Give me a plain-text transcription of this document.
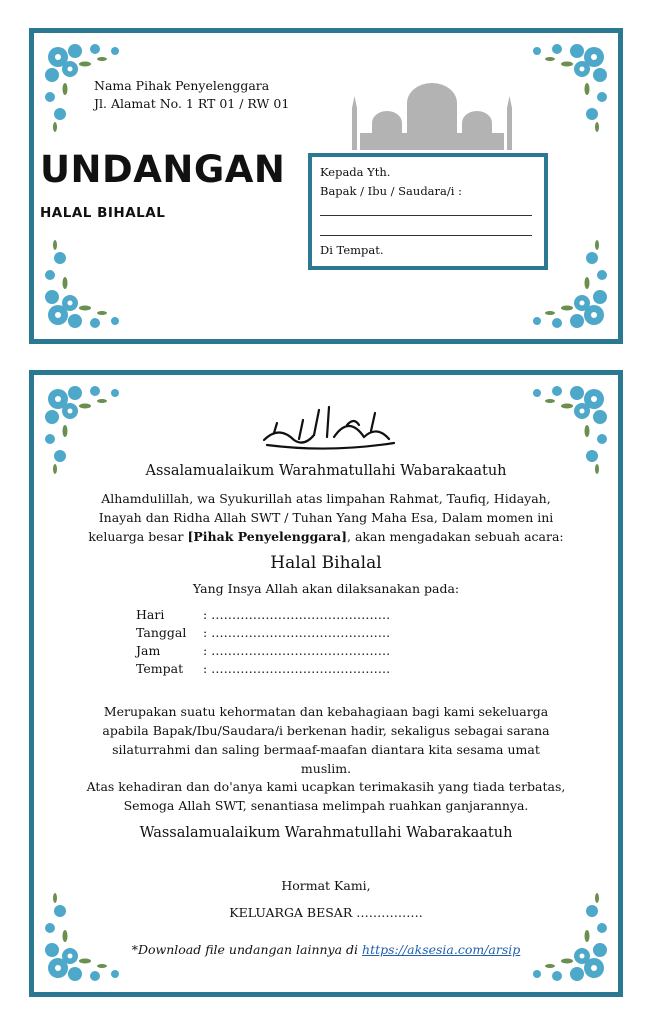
Nama Pihak Penyelenggara
Jl. Alamat No. 1 RT 01 / RW 01
UNDANGAN
HALAL BIHALAL
Kepada Yth.
Bapak / Ibu / Saudara/i :
Di Tempat.
Assalamualaikum Warahmatullahi Wabarakaatuh
Alhamdulillah, wa Syukurillah atas limpahan Rahmat, Taufiq, Hidayah,
Inayah dan Ridha Allah SWT / Tuhan Yang Maha Esa, Dalam momen ini
keluarga besar [Pihak Penyelenggara], akan mengadakan sebuah acara:
Halal Bihalal
Yang Insya Allah akan dilaksanakan pada:
Hari	: …………………………………….
Tanggal	: …………………………………….
Jam	: …………………………………….
Tempat	: …………………………………….
Merupakan suatu kehormatan dan kebahagiaan bagi kami sekeluarga
apabila Bapak/Ibu/Saudara/i berkenan hadir, sekaligus sebagai sarana
silaturrahmi dan saling bermaaf-maafan diantara kita sesama umat
muslim.
Atas kehadiran dan do'anya kami ucapkan terimakasih yang tiada terbatas,
Semoga Allah SWT, senantiasa melimpah ruahkan ganjarannya.
Wassalamualaikum Warahmatullahi Wabarakaatuh
Hormat Kami,
KELUARGA BESAR …………….
*Download file undangan lainnya di https://aksesia.com/arsip
